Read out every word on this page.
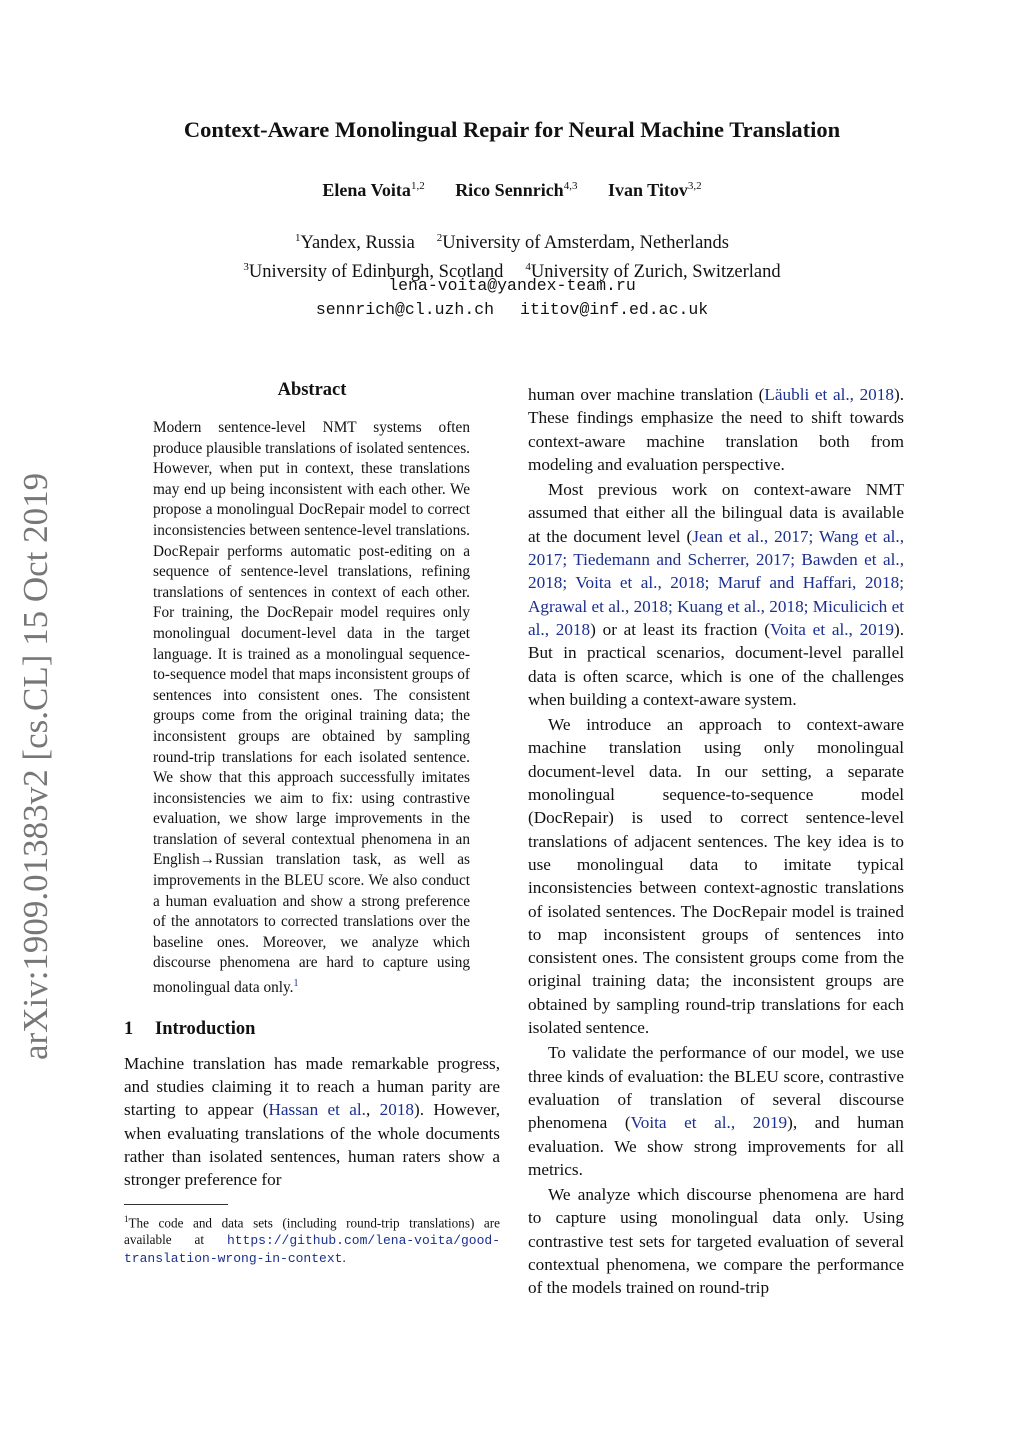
arXiv:1909.01383v2 [cs.CL] 15 Oct 2019
Context-Aware Monolingual Repair for Neural Machine Translation
Elena Voita$^{1,2}$ Rico Sennrich$^{4,3}$ Ivan Titov$^{3,2}$
$^1$Yandex, Russia $^2$University of Amsterdam, Netherlands
$^3$University of Edinburgh, Scotland $^4$University of Zurich, Switzerland
lena-voita@yandex-team.ru
sennrich@cl.uzh.ch ititov@inf.ed.ac.uk
Abstract

Modern sentence-level NMT systems often produce plausible translations of isolated sentences. However, when put in context, these translations may end up being inconsistent with each other. We propose a monolingual DocRepair model to correct inconsistencies between sentence-level translations. DocRepair performs automatic post-editing on a sequence of sentence-level translations, refining translations of sentences in context of each other. For training, the DocRepair model requires only monolingual document-level data in the target language. It is trained as a monolingual sequence-to-sequence model that maps inconsistent groups of sentences into consistent ones. The consistent groups come from the original training data; the inconsistent groups are obtained by sampling round-trip translations for each isolated sentence. We show that this approach successfully imitates inconsistencies we aim to fix: using contrastive evaluation, we show large improvements in the translation of several contextual phenomena in an English→Russian translation task, as well as improvements in the BLEU score. We also conduct a human evaluation and show a strong preference of the annotators to corrected translations over the baseline ones. Moreover, we analyze which discourse phenomena are hard to capture using monolingual data only.$^1$

1 Introduction

Machine translation has made remarkable progress, and studies claiming it to reach a human parity are starting to appear (Hassan et al., 2018). However, when evaluating translations of the whole documents rather than isolated sentences, human raters show a stronger preference for

$^1$The code and data sets (including round-trip translations) are available at https://github.com/lena-voita/good-translation-wrong-in-context.

human over machine translation (Läubli et al., 2018). These findings emphasize the need to shift towards context-aware machine translation both from modeling and evaluation perspective.

Most previous work on context-aware NMT assumed that either all the bilingual data is available at the document level (Jean et al., 2017; Wang et al., 2017; Tiedemann and Scherrer, 2017; Bawden et al., 2018; Voita et al., 2018; Maruf and Haffari, 2018; Agrawal et al., 2018; Kuang et al., 2018; Miculicich et al., 2018) or at least its fraction (Voita et al., 2019). But in practical scenarios, document-level parallel data is often scarce, which is one of the challenges when building a context-aware system.

We introduce an approach to context-aware machine translation using only monolingual document-level data. In our setting, a separate monolingual sequence-to-sequence model (DocRepair) is used to correct sentence-level translations of adjacent sentences. The key idea is to use monolingual data to imitate typical inconsistencies between context-agnostic translations of isolated sentences. The DocRepair model is trained to map inconsistent groups of sentences into consistent ones. The consistent groups come from the original training data; the inconsistent groups are obtained by sampling round-trip translations for each isolated sentence.

To validate the performance of our model, we use three kinds of evaluation: the BLEU score, contrastive evaluation of translation of several discourse phenomena (Voita et al., 2019), and human evaluation. We show strong improvements for all metrics.

We analyze which discourse phenomena are hard to capture using monolingual data only. Using contrastive test sets for targeted evaluation of several contextual phenomena, we compare the performance of the models trained on round-trip
